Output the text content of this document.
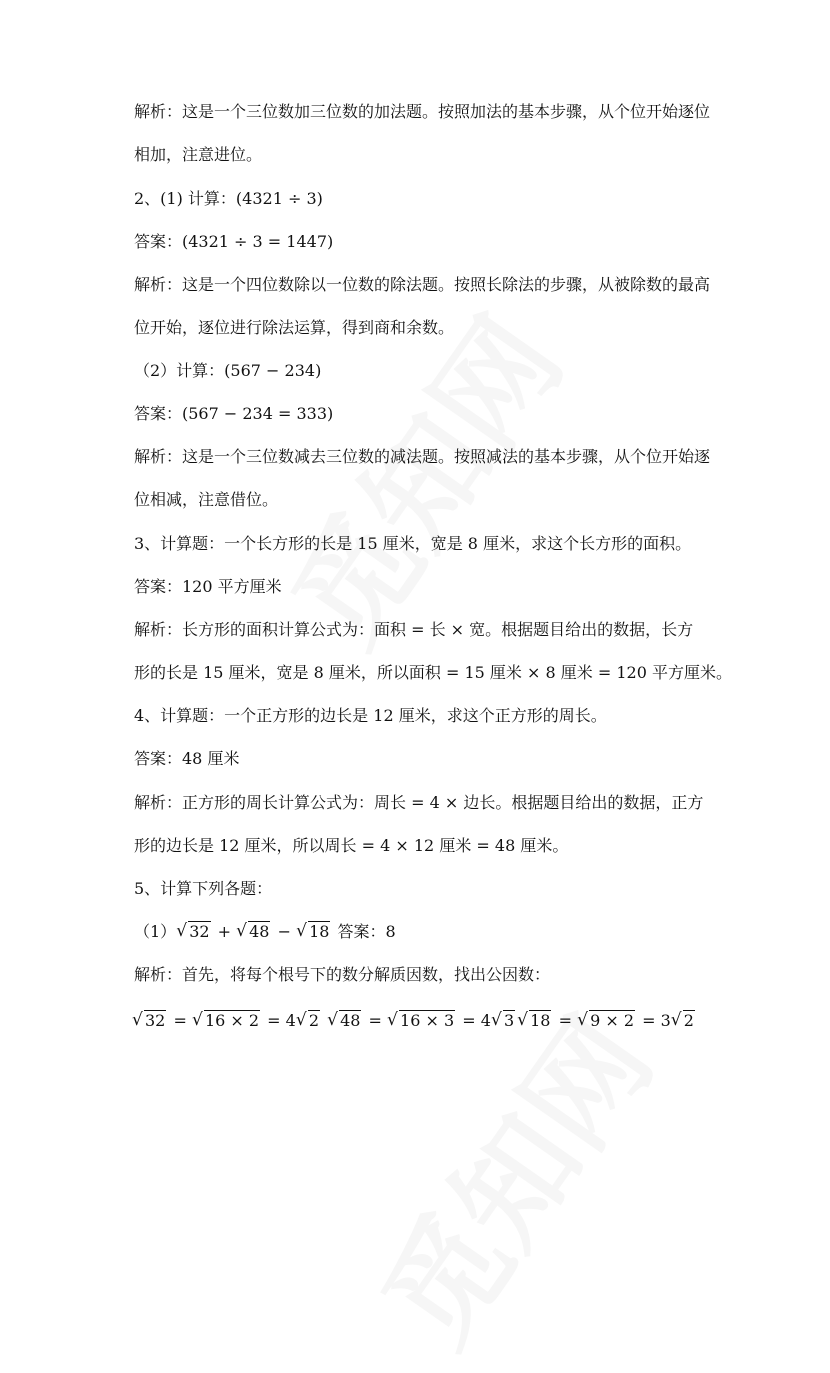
解析：这是一个三位数加三位数的加法题。按照加法的基本步骤，从个位开始逐位
相加，注意进位。
2、(1) 计算：(4321 ÷ 3)
答案：(4321 ÷ 3 = 1447)
解析：这是一个四位数除以一位数的除法题。按照长除法的步骤，从被除数的最高
位开始，逐位进行除法运算，得到商和余数。
（2）计算：(567 − 234)
答案：(567 − 234 = 333)
解析：这是一个三位数减去三位数的减法题。按照减法的基本步骤，从个位开始逐
位相减，注意借位。
3、计算题：一个长方形的长是 15 厘米，宽是 8 厘米，求这个长方形的面积。
答案：120 平方厘米
解析：长方形的面积计算公式为：面积 = 长 × 宽。根据题目给出的数据，长方
形的长是 15 厘米，宽是 8 厘米，所以面积 = 15 厘米 × 8 厘米 = 120 平方厘米。
4、计算题：一个正方形的边长是 12 厘米，求这个正方形的周长。
答案：48 厘米
解析：正方形的周长计算公式为：周长 = 4 × 边长。根据题目给出的数据，正方
形的边长是 12 厘米，所以周长 = 4 × 12 厘米 = 48 厘米。
5、计算下列各题：
（1） √ 32 + √ 48 − √ 18 答案：8
解析：首先，将每个根号下的数分解质因数，找出公因数：
√ 32 = √ 16 × 2 = 4 √ 2 √ 48 = √ 16 × 3 = 4 √ 3 √ 18 = √ 9 × 2 = 3 √ 2
